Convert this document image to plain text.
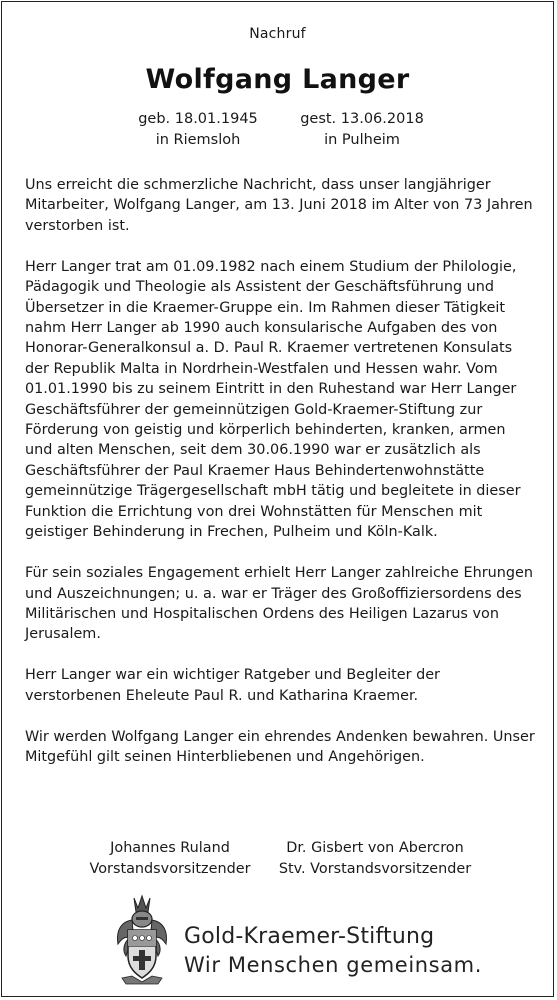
Nachruf
Wolfgang Langer
geb. 18.01.1945
in Riemsloh
gest. 13.06.2018
in Pulheim

Uns erreicht die schmerzliche Nachricht, dass unser langjähriger
Mitarbeiter, Wolfgang Langer, am 13. Juni 2018 im Alter von 73 Jahren
verstorben ist.

Herr Langer trat am 01.09.1982 nach einem Studium der Philologie,
Pädagogik und Theologie als Assistent der Geschäftsführung und
Übersetzer in die Kraemer-Gruppe ein. Im Rahmen dieser Tätigkeit
nahm Herr Langer ab 1990 auch konsularische Aufgaben des von
Honorar-Generalkonsul a. D. Paul R. Kraemer vertretenen Konsulats
der Republik Malta in Nordrhein-Westfalen und Hessen wahr. Vom
01.01.1990 bis zu seinem Eintritt in den Ruhestand war Herr Langer
Geschäftsführer der gemeinnützigen Gold-Kraemer-Stiftung zur
Förderung von geistig und körperlich behinderten, kranken, armen
und alten Menschen, seit dem 30.06.1990 war er zusätzlich als
Geschäftsführer der Paul Kraemer Haus Behindertenwohnstätte
gemeinnützige Trägergesellschaft mbH tätig und begleitete in dieser
Funktion die Errichtung von drei Wohnstätten für Menschen mit
geistiger Behinderung in Frechen, Pulheim und Köln-Kalk.

Für sein soziales Engagement erhielt Herr Langer zahlreiche Ehrungen
und Auszeichnungen; u. a. war er Träger des Großoffiziersordens des
Militärischen und Hospitalischen Ordens des Heiligen Lazarus von
Jerusalem.

Herr Langer war ein wichtiger Ratgeber und Begleiter der
verstorbenen Eheleute Paul R. und Katharina Kraemer.

Wir werden Wolfgang Langer ein ehrendes Andenken bewahren. Unser
Mitgefühl gilt seinen Hinterbliebenen und Angehörigen.

Johannes Ruland
Vorstandsvorsitzender
Dr. Gisbert von Abercron
Stv. Vorstandsvorsitzender
Gold-Kraemer-Stiftung
Wir Menschen gemeinsam.
